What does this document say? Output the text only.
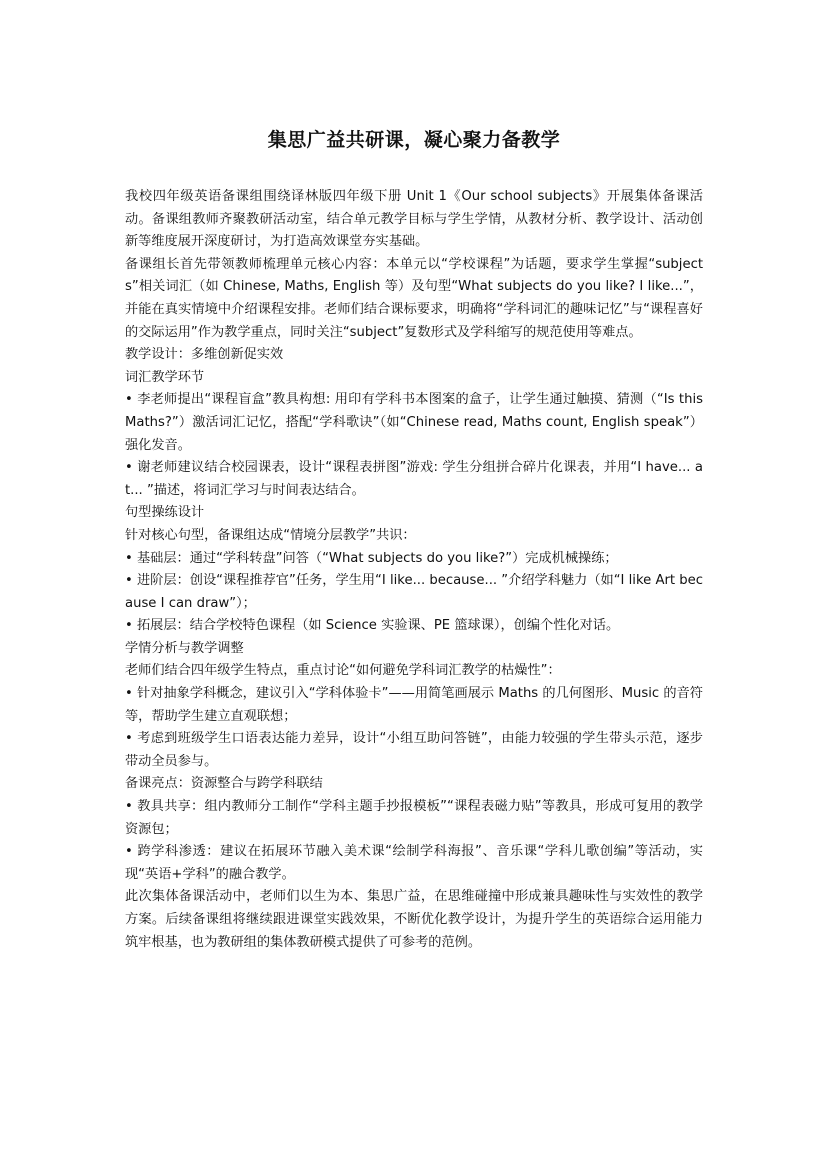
集思广益共研课，凝心聚力备教学

我校四年级英语备课组围绕译林版四年级下册 Unit 1《Our school subjects》开展集体备课活动。备课组教师齐聚教研活动室，结合单元教学目标与学生学情，从教材分析、教学设计、活动创新等维度展开深度研讨，为打造高效课堂夯实基础。

备课组长首先带领教师梳理单元核心内容：本单元以“学校课程”为话题，要求学生掌握“subjects”相关词汇（如 Chinese, Maths, English 等）及句型“What subjects do you like? I like...”，并能在真实情境中介绍课程安排。老师们结合课标要求，明确将“学科词汇的趣味记忆”与“课程喜好的交际运用”作为教学重点，同时关注“subject”复数形式及学科缩写的规范使用等难点。

教学设计：多维创新促实效

词汇教学环节

• 李老师提出“课程盲盒”教具构想: 用印有学科书本图案的盒子，让学生通过触摸、猜测（“Is this Maths?”）激活词汇记忆，搭配“学科歌诀”（如“Chinese read, Maths count, English speak”）强化发音。

• 谢老师建议结合校园课表，设计“课程表拼图”游戏: 学生分组拼合碎片化课表，并用“I have... at... ”描述，将词汇学习与时间表达结合。

句型操练设计

针对核心句型，备课组达成“情境分层教学”共识：

• 基础层：通过“学科转盘”问答（“What subjects do you like?”）完成机械操练；

• 进阶层：创设“课程推荐官”任务，学生用“I like... because... ”介绍学科魅力（如“I like Art because I can draw”）；

• 拓展层：结合学校特色课程（如 Science 实验课、PE 篮球课），创编个性化对话。

学情分析与教学调整

老师们结合四年级学生特点，重点讨论“如何避免学科词汇教学的枯燥性”：

• 针对抽象学科概念，建议引入“学科体验卡”——用简笔画展示 Maths 的几何图形、Music 的音符等，帮助学生建立直观联想；

• 考虑到班级学生口语表达能力差异，设计“小组互助问答链”，由能力较强的学生带头示范，逐步带动全员参与。

备课亮点：资源整合与跨学科联结

• 教具共享：组内教师分工制作“学科主题手抄报模板”“课程表磁力贴”等教具，形成可复用的教学资源包；

• 跨学科渗透：建议在拓展环节融入美术课“绘制学科海报”、音乐课“学科儿歌创编”等活动，实现“英语+学科”的融合教学。

此次集体备课活动中，老师们以生为本、集思广益，在思维碰撞中形成兼具趣味性与实效性的教学方案。后续备课组将继续跟进课堂实践效果，不断优化教学设计，为提升学生的英语综合运用能力筑牢根基，也为教研组的集体教研模式提供了可参考的范例。
